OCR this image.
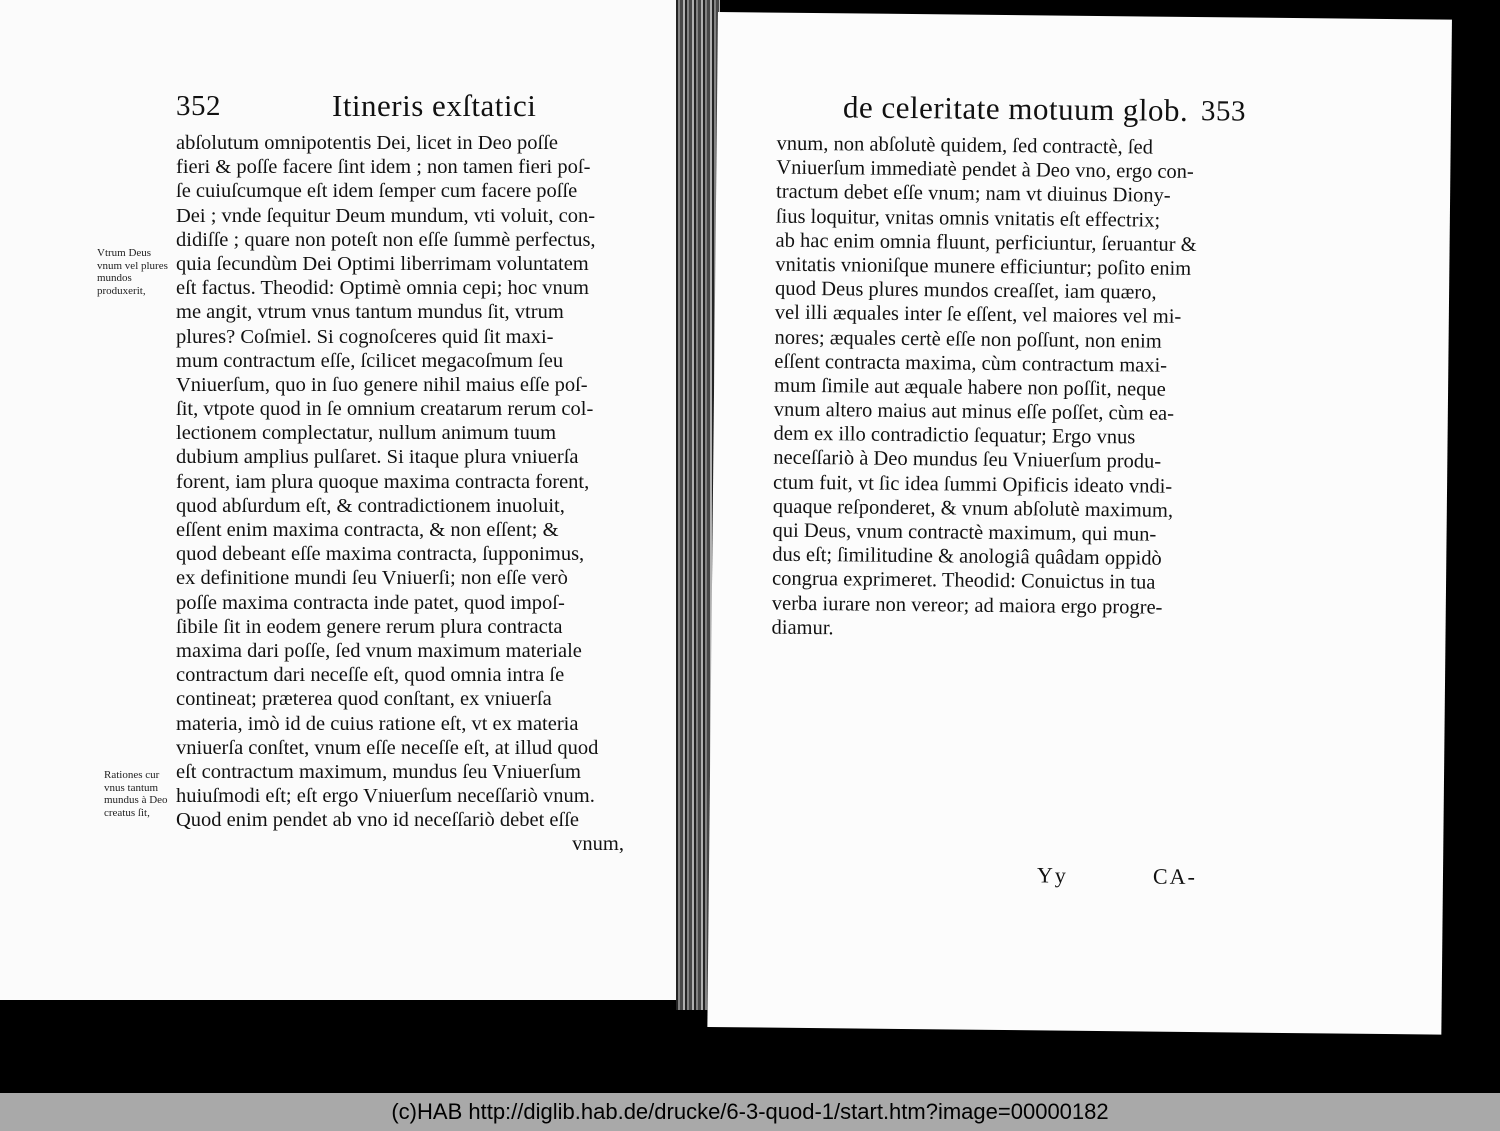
352	Itineris exſtatici
Vtrum Deus vnum vel plures mundos produxerit,
Rationes cur vnus tantum mundus à Deo creatus ſit,
abſolutum omnipotentis Dei, licet in Deo poſſe
fieri & poſſe facere ſint idem ; non tamen fieri poſ-
ſe cuiuſcumque eſt idem ſemper cum facere poſſe
Dei ; vnde ſequitur Deum mundum, vti voluit, con-
didiſſe ; quare non poteſt non eſſe ſummè perfectus,
quia ſecundùm Dei Optimi liberrimam voluntatem
eſt factus. Theodid: Optimè omnia cepi; hoc vnum
me angit, vtrum vnus tantum mundus ſit, vtrum
plures? Coſmiel. Si cognoſceres quid ſit maxi-
mum contractum eſſe, ſcilicet megacoſmum ſeu
Vniuerſum, quo in ſuo genere nihil maius eſſe poſ-
ſit, vtpote quod in ſe omnium creatarum rerum col-
lectionem complectatur, nullum animum tuum
dubium amplius pulſaret. Si itaque plura vniuerſa
forent, iam plura quoque maxima contracta forent,
quod abſurdum eſt, & contradictionem inuoluit,
eſſent enim maxima contracta, & non eſſent; &
quod debeant eſſe maxima contracta, ſupponimus,
ex definitione mundi ſeu Vniuerſi; non eſſe verò
poſſe maxima contracta inde patet, quod impoſ-
ſibile ſit in eodem genere rerum plura contracta
maxima dari poſſe, ſed vnum maximum materiale
contractum dari neceſſe eſt, quod omnia intra ſe
contineat; præterea quod conſtant, ex vniuerſa
materia, imò id de cuius ratione eſt, vt ex materia
vniuerſa conſtet, vnum eſſe neceſſe eſt, at illud quod
eſt contractum maximum, mundus ſeu Vniuerſum
huiuſmodi eſt; eſt ergo Vniuerſum neceſſariò vnum.
Quod enim pendet ab vno id neceſſariò debet eſſe
vnum,
de celeritate motuum glob. 353
vnum, non abſolutè quidem, ſed contractè, ſed
Vniuerſum immediatè pendet à Deo vno, ergo con-
tractum debet eſſe vnum; nam vt diuinus Diony-
ſius loquitur, vnitas omnis vnitatis eſt effectrix;
ab hac enim omnia fluunt, perficiuntur, ſeruantur &
vnitatis vnioniſque munere efficiuntur; poſito enim
quod Deus plures mundos creaſſet, iam quæro,
vel illi æquales inter ſe eſſent, vel maiores vel mi-
nores; æquales certè eſſe non poſſunt, non enim
eſſent contracta maxima, cùm contractum maxi-
mum ſimile aut æquale habere non poſſit, neque
vnum altero maius aut minus eſſe poſſet, cùm ea-
dem ex illo contradictio ſequatur; Ergo vnus
neceſſariò à Deo mundus ſeu Vniuerſum produ-
ctum fuit, vt ſic idea ſummi Opificis ideato vndi-
quaque reſponderet, & vnum abſolutè maximum,
qui Deus, vnum contractè maximum, qui mun-
dus eſt; ſimilitudine & anologiâ quâdam oppidò
congrua exprimeret. Theodid: Conuictus in tua
verba iurare non vereor; ad maiora ergo progre-
diamur.
Yy	CA-
(c)HAB http://diglib.hab.de/drucke/6-3-quod-1/start.htm?image=00000182
